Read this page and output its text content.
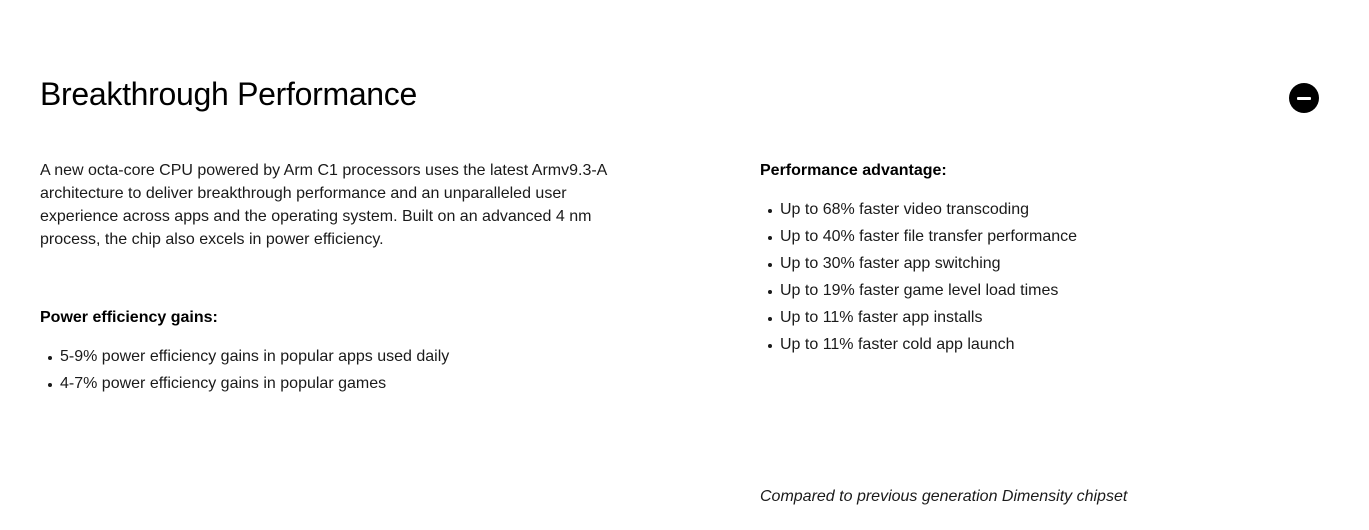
Breakthrough Performance

A new octa-core CPU powered by Arm C1 processors uses the latest Armv9.3-A architecture to deliver breakthrough performance and an unparalleled user experience across apps and the operating system. Built on an advanced 4 nm process, the chip also excels in power efficiency.

Power efficiency gains:
5-9% power efficiency gains in popular apps used daily
4-7% power efficiency gains in popular games
Performance advantage:
Up to 68% faster video transcoding
Up to 40% faster file transfer performance
Up to 30% faster app switching
Up to 19% faster game level load times
Up to 11% faster app installs
Up to 11% faster cold app launch

Compared to previous generation Dimensity chipset
